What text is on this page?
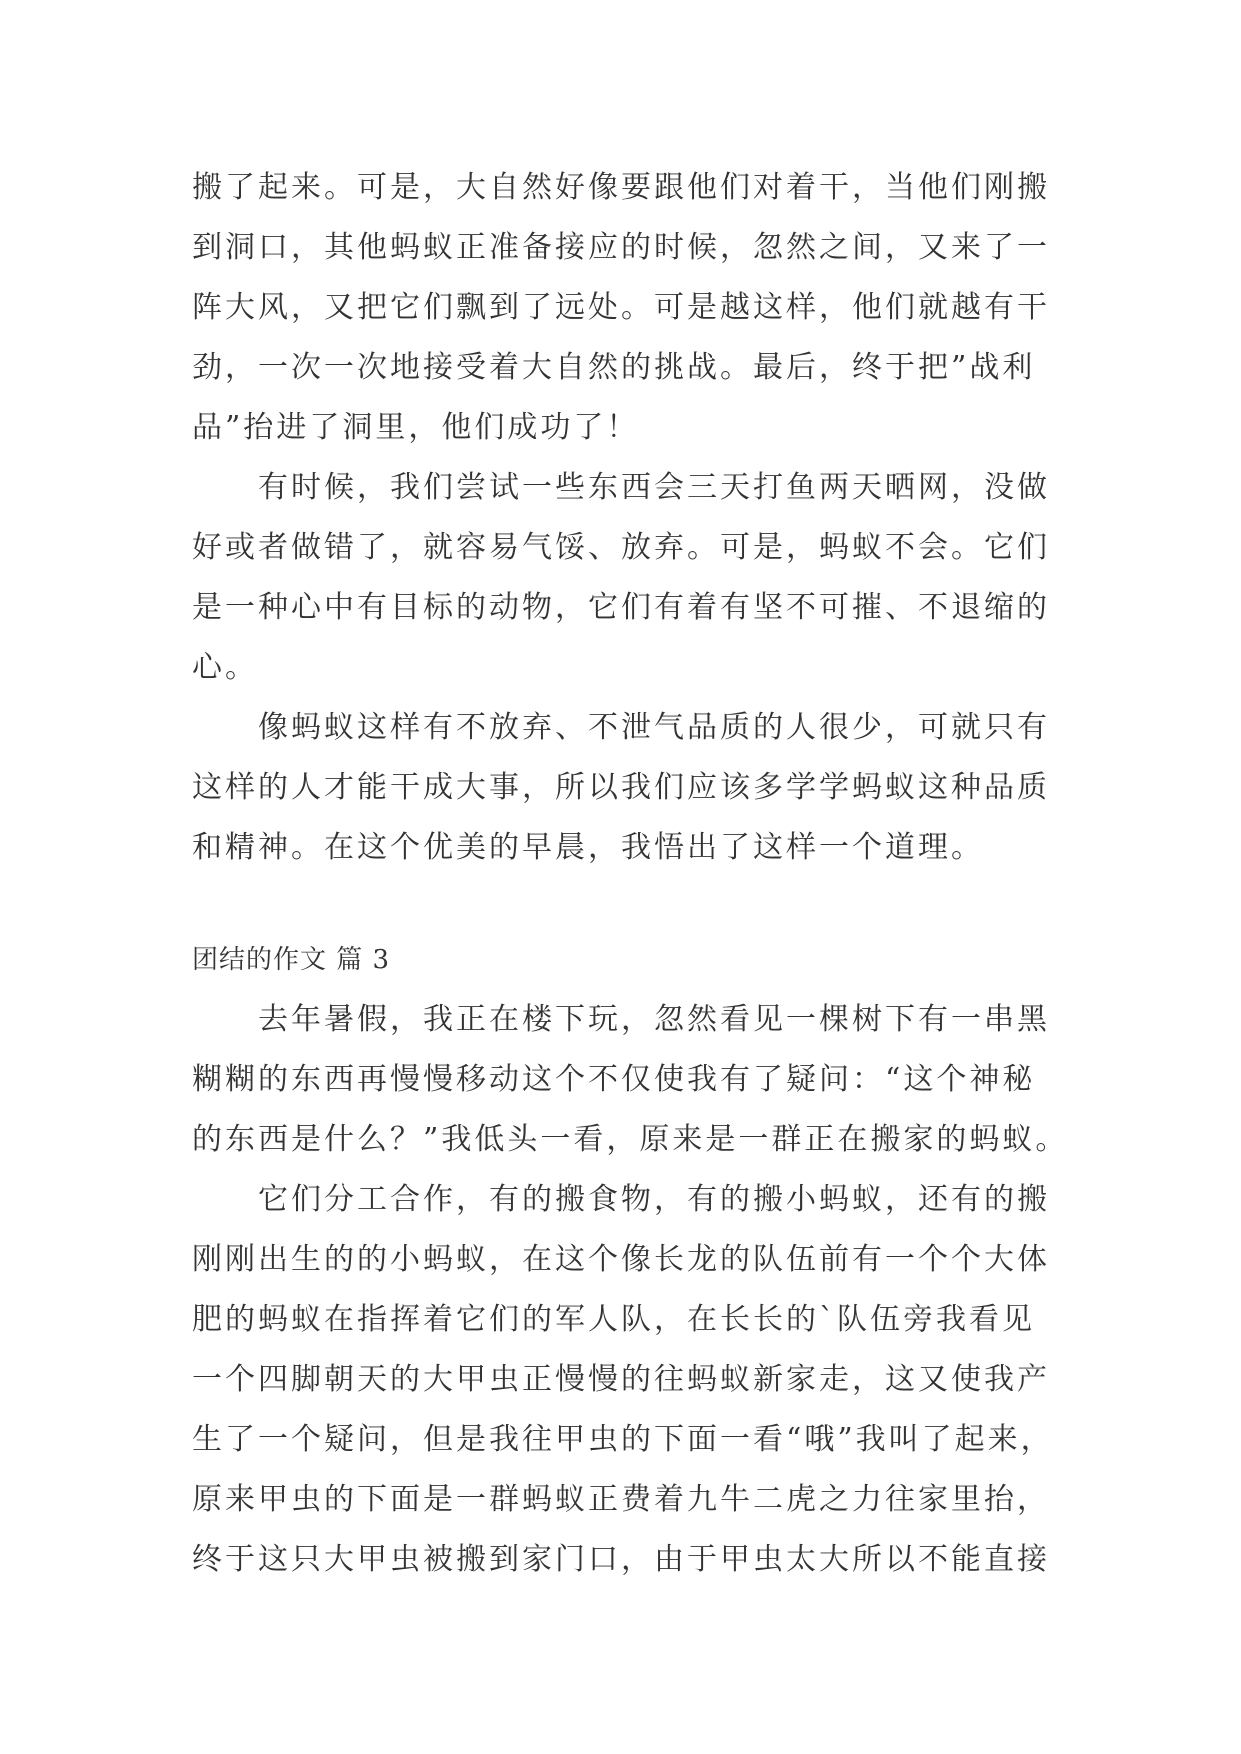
搬了起来。可是，大自然好像要跟他们对着干，当他们刚搬
到洞口，其他蚂蚁正准备接应的时候，忽然之间，又来了一
阵大风，又把它们飘到了远处。可是越这样，他们就越有干
劲，一次一次地接受着大自然的挑战。最后，终于把”战利
品”抬进了洞里，他们成功了！
　　有时候，我们尝试一些东西会三天打鱼两天晒网，没做
好或者做错了，就容易气馁、放弃。可是，蚂蚁不会。它们
是一种心中有目标的动物，它们有着有坚不可摧、不退缩的
心。
　　像蚂蚁这样有不放弃、不泄气品质的人很少，可就只有
这样的人才能干成大事，所以我们应该多学学蚂蚁这种品质
和精神。在这个优美的早晨，我悟出了这样一个道理。
团结的作文 篇 3
　　去年暑假，我正在楼下玩，忽然看见一棵树下有一串黑
糊糊的东西再慢慢移动这个不仅使我有了疑问：“这个神秘
的东西是什么？”我低头一看，原来是一群正在搬家的蚂蚁。
　　它们分工合作，有的搬食物，有的搬小蚂蚁，还有的搬
刚刚出生的的小蚂蚁，在这个像长龙的队伍前有一个个大体
肥的蚂蚁在指挥着它们的军人队，在长长的`队伍旁我看见
一个四脚朝天的大甲虫正慢慢的往蚂蚁新家走，这又使我产
生了一个疑问，但是我往甲虫的下面一看“哦”我叫了起来，
原来甲虫的下面是一群蚂蚁正费着九牛二虎之力往家里抬，
终于这只大甲虫被搬到家门口，由于甲虫太大所以不能直接
